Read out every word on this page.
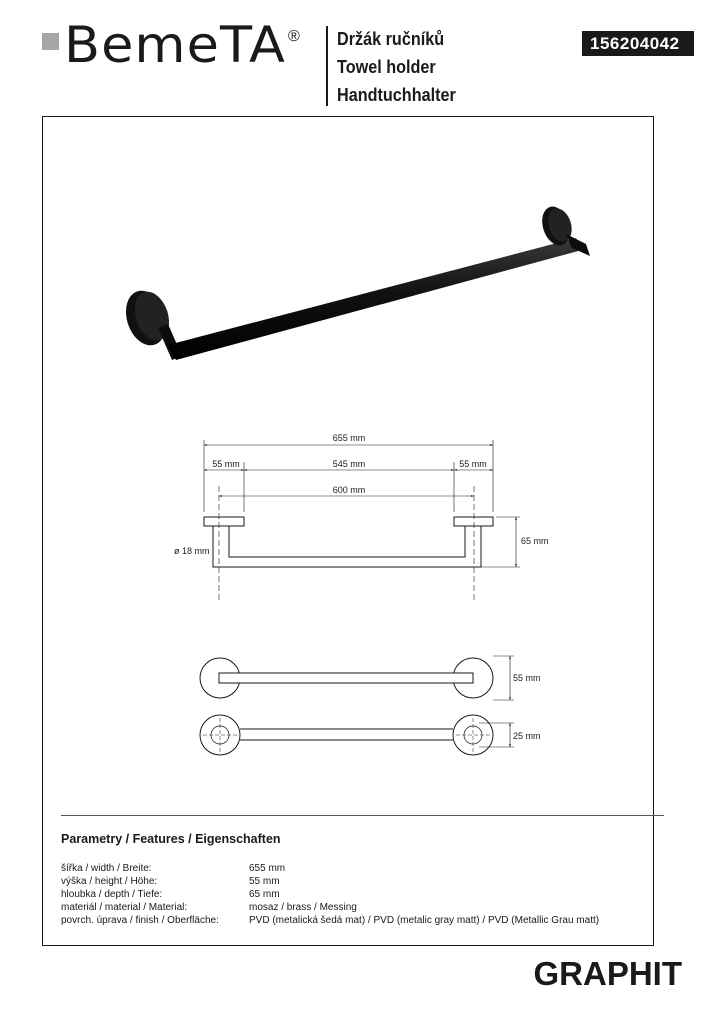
BemeTA ® Držák ručníků
Towel holder
Handtuchhalter
156204042
655 mm
55 mm	545 mm	55 mm
600 mm
65 mm
ø 18 mm
55 mm
25 mm
Parametry / Features / Eigenschaften
šířka / width / Breite:	655 mm
výška / height / Höhe:	55 mm
hloubka / depth / Tiefe:	65 mm
materiál / material / Material:	mosaz / brass / Messing
povrch. úprava / finish / Oberfläche:	PVD (metalická šedá mat) / PVD (metalic gray matt) / PVD (Metallic Grau matt)
GRAPHIT
